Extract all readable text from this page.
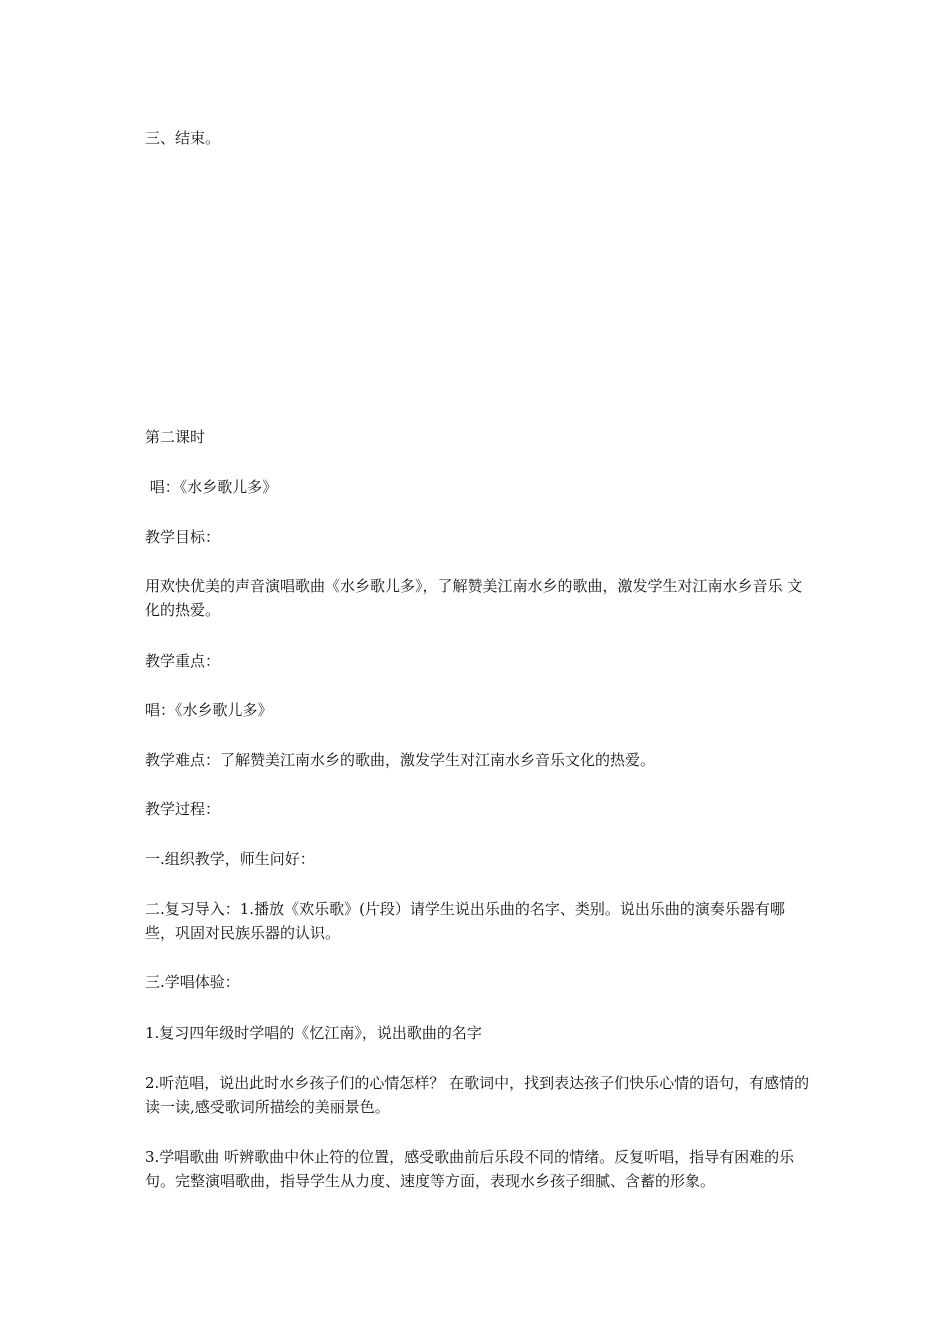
三、结束。
第二课时
唱：《水乡歌儿多》
教学目标：
用欢快优美的声音演唱歌曲《水乡歌儿多》，了解赞美江南水乡的歌曲，激发学生对江南水乡音乐 文化的热爱。
教学重点：
唱：《水乡歌儿多》
教学难点：了解赞美江南水乡的歌曲，激发学生对江南水乡音乐文化的热爱。
教学过程：
一.组织教学，师生问好：
二.复习导入：1.播放《欢乐歌》(片段）请学生说出乐曲的名字、类别。说出乐曲的演奏乐器有哪些，巩固对民族乐器的认识。
三.学唱体验：
1.复习四年级时学唱的《忆江南》，说出歌曲的名字
2.听范唱，说出此时水乡孩子们的心情怎样？ 在歌词中，找到表达孩子们快乐心情的语句，有感情的读一读,感受歌词所描绘的美丽景色。
3.学唱歌曲 听辨歌曲中休止符的位置，感受歌曲前后乐段不同的情绪。反复听唱，指导有困难的乐句。完整演唱歌曲，指导学生从力度、速度等方面，表现水乡孩子细腻、含蓄的形象。
